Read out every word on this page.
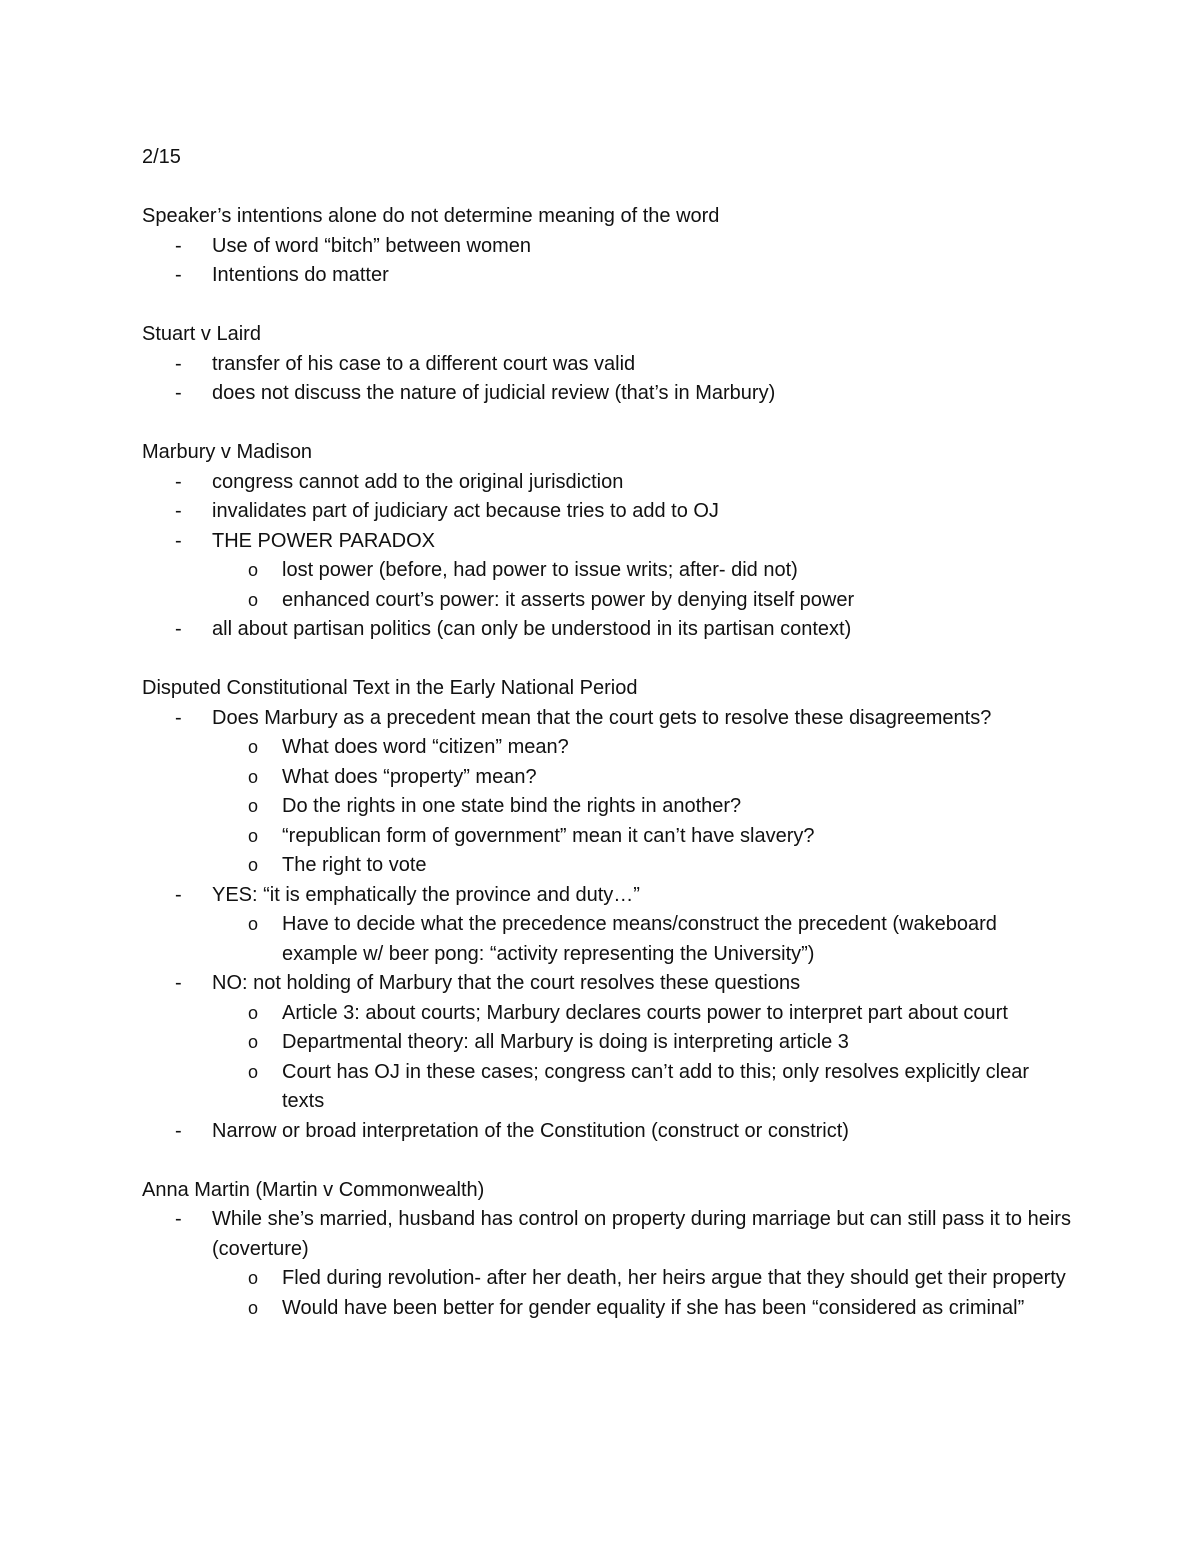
2/15
Speaker’s intentions alone do not determine meaning of the word
- Use of word “bitch” between women
- Intentions do matter
Stuart v Laird
- transfer of his case to a different court was valid
- does not discuss the nature of judicial review (that’s in Marbury)
Marbury v Madison
- congress cannot add to the original jurisdiction
- invalidates part of judiciary act because tries to add to OJ
- THE POWER PARADOX
o lost power (before, had power to issue writs; after- did not)
o enhanced court’s power: it asserts power by denying itself power
- all about partisan politics (can only be understood in its partisan context)
Disputed Constitutional Text in the Early National Period
- Does Marbury as a precedent mean that the court gets to resolve these disagreements?
o What does word “citizen” mean?
o What does “property” mean?
o Do the rights in one state bind the rights in another?
o “republican form of government” mean it can’t have slavery?
o The right to vote
- YES: “it is emphatically the province and duty…”
o Have to decide what the precedence means/construct the precedent (wakeboard example w/ beer pong: “activity representing the University”)
- NO: not holding of Marbury that the court resolves these questions
o Article 3: about courts; Marbury declares courts power to interpret part about court
o Departmental theory: all Marbury is doing is interpreting article 3
o Court has OJ in these cases; congress can’t add to this; only resolves explicitly clear texts
- Narrow or broad interpretation of the Constitution (construct or constrict)
Anna Martin (Martin v Commonwealth)
- While she’s married, husband has control on property during marriage but can still pass it to heirs (coverture)
o Fled during revolution- after her death, her heirs argue that they should get their property
o Would have been better for gender equality if she has been “considered as criminal”
